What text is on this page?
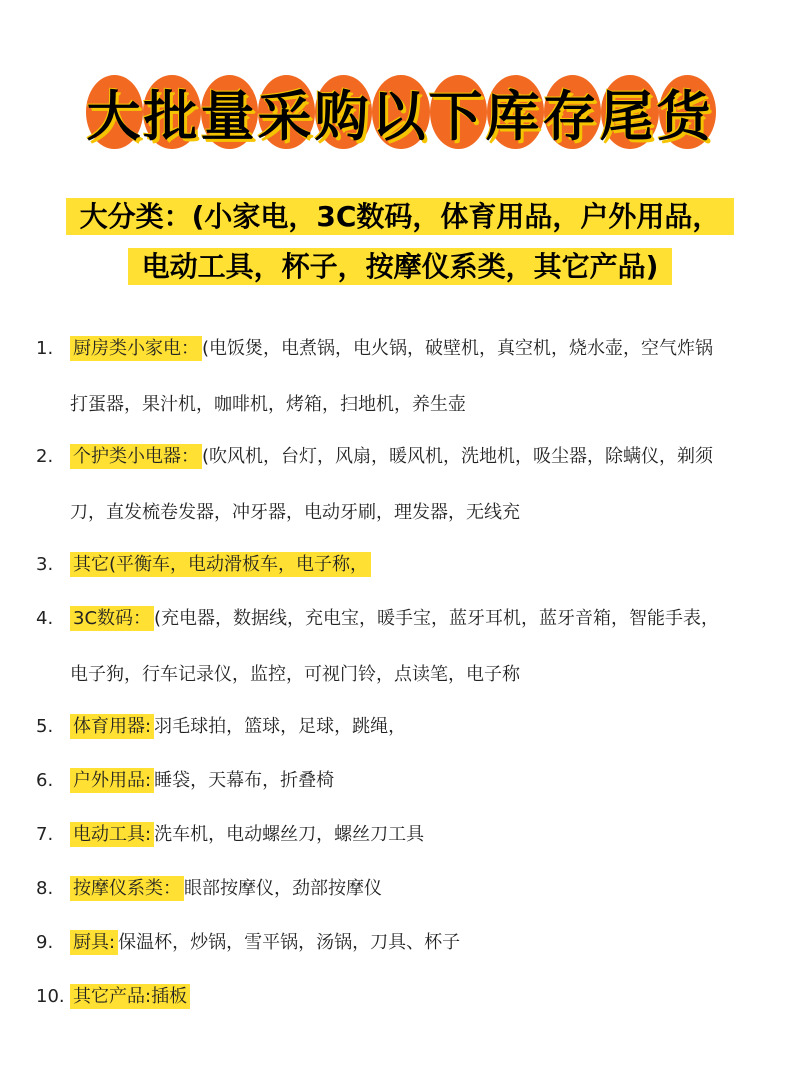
大批量采购以下库存尾货
大分类：(小家电，3C数码，体育用品，户外用品，
电动工具，杯子，按摩仪系类，其它产品)
1.	厨房类小家电： (电饭煲，电煮锅，电火锅，破壁机，真空机，烧水壶，空气炸锅
打蛋器，果汁机，咖啡机，烤箱，扫地机，养生壶
2.	个护类小电器： (吹风机，台灯，风扇，暖风机，洗地机，吸尘器，除螨仪，剃须
刀，直发梳卷发器，冲牙器，电动牙刷，理发器，无线充
3.	其它(平衡车，电动滑板车，电子称，
4.	3C数码： (充电器，数据线，充电宝，暖手宝，蓝牙耳机，蓝牙音箱，智能手表，
电子狗，行车记录仪，监控，可视门铃，点读笔，电子称
5.	体育用器: 羽毛球拍，篮球，足球，跳绳，
6.	户外用品: 睡袋，天幕布，折叠椅
7.	电动工具: 洗车机，电动螺丝刀，螺丝刀工具
8.	按摩仪系类： 眼部按摩仪，劲部按摩仪
9.	厨具: 保温杯，炒锅，雪平锅，汤锅，刀具、杯子
10. 其它产品:插板
